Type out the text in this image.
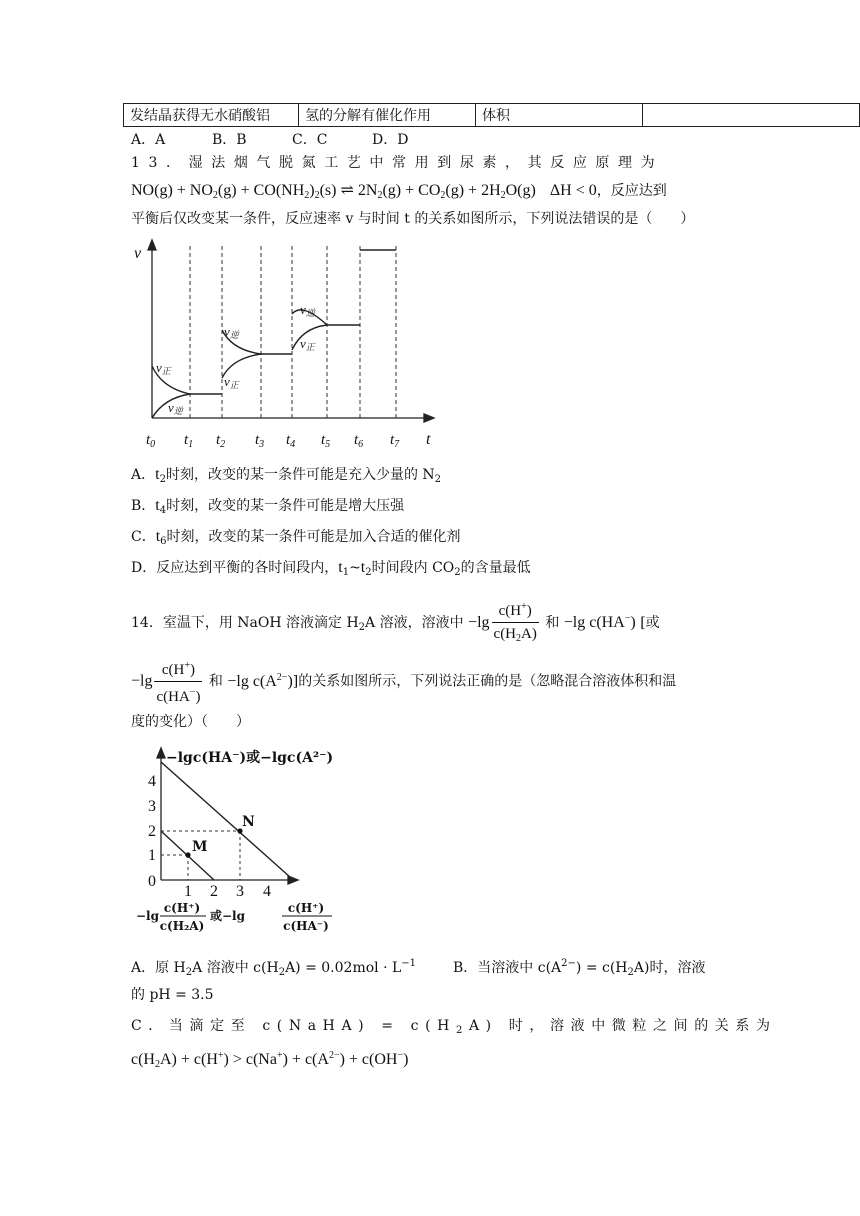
发结晶获得无水硝酸铝	氢的分解有催化作用	体积	
A．A	B．B	C．C	D．D
13．湿法烟气脱氮工艺中常用到尿素，其反应原理为
$NO(g) + NO_2(g) + CO(NH_2)_2(s)$ ⇌ $2N_2(g) + CO_2(g) + 2H_2O(g) \Delta H < 0$，反应达到
平衡后仅改变某一条件，反应速率 v 与时间 t 的关系如图所示，下列说法错误的是（　　）
v
t
$t_0$ $t_1$ $t_2$ $t_3$ $t_4$ $t_5$ $t_6$ $t_7$
v正
v逆
v逆
v正
v逆
v正
A．$t_2$时刻，改变的某一条件可能是充入少量的 $N_2$
B．$t_4$时刻，改变的某一条件可能是增大压强
C．$t_6$时刻，改变的某一条件可能是加入合适的催化剂
D．反应达到平衡的各时间段内，$t_1\sim t_2$时间段内 $CO_2$的含量最低
14．室温下，用 NaOH 溶液滴定 $H_2A$ 溶液，溶液中 $-\lg \frac{c(H^+)}{c(H_2A)}$ 和 −lg c(HA−) [或
$-\lg \frac{c(H^+)}{c(HA^-)}$ 和 −lg $c(A^{2-})$]的关系如图所示，下列说法正确的是（忽略混合溶液体积和温
度的变化）（　　）
−lgc(HA⁻)或−lgc(A²⁻)
M
N
4
3
2
1
0
1 2 3 4
−lg
c(H⁺)
c(H₂A)
或−lg
c(H⁺)
c(HA⁻)
A．原 $H_2A$ 溶液中 $c(H_2A) = 0.02mol \cdot L^{-1}$	B．当溶液中 $c(A^{2-}) = c(H_2A)$时，溶液
的 pH = 3.5
C．当滴定至 c(NaHA) = $c(H_2A)$ 时，溶液中微粒之间的关系为
$c(H_2A) + c(H^+) > c(Na^+) + c(A^{2-}) + c(OH^-)$
